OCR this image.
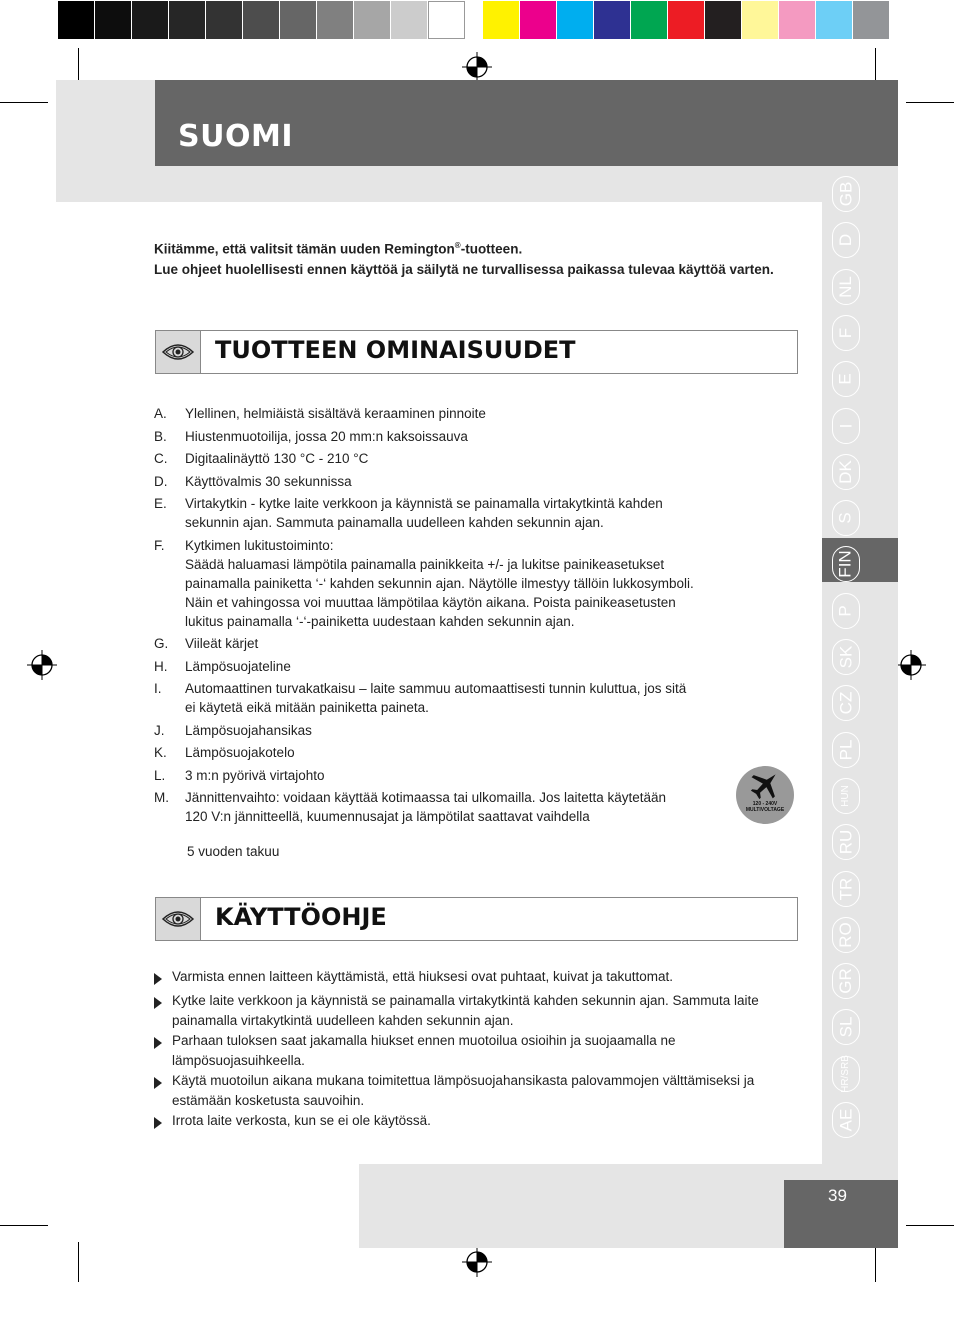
SUOMI
GB
D
NL
F
E
I
DK
S
FIN
P
SK
CZ
PL
HUN
RU
TR
RO
GR
SL
HR/SRB
AE
39
Kiitämme, että valitsit tämän uuden Remington®-tuotteen.
Lue ohjeet huolellisesti ennen käyttöä ja säilytä ne turvallisessa paikassa tulevaa käyttöä varten.
TUOTTEEN OMINAISUUDET
A.	Ylellinen, helmiäistä sisältävä keraaminen pinnoite
B.	Hiustenmuotoilija, jossa 20 mm:n kaksoissauva
C.	Digitaalinäyttö 130 °C - 210 °C
D.	Käyttövalmis 30 sekunnissa
E.	Virtakytkin - kytke laite verkkoon ja käynnistä se painamalla virtakytkintä kahden
sekunnin ajan. Sammuta painamalla uudelleen kahden sekunnin ajan.
F.	Kytkimen lukitustoiminto:
Säädä haluamasi lämpötila painamalla painikkeita +/- ja lukitse painikeasetukset
painamalla painiketta ‘-‘ kahden sekunnin ajan. Näytölle ilmestyy tällöin lukkosymboli.
Näin et vahingossa voi muuttaa lämpötilaa käytön aikana. Poista painikeasetusten
lukitus painamalla ‘-‘-painiketta uudestaan kahden sekunnin ajan.
G.	Viileät kärjet
H.	Lämpösuojateline
I.	Automaattinen turvakatkaisu – laite sammuu automaattisesti tunnin kuluttua, jos sitä
ei käytetä eikä mitään painiketta paineta.
J.	Lämpösuojahansikas
K.	Lämpösuojakotelo
L.	3 m:n pyörivä virtajohto
M.	Jännittenvaihto: voidaan käyttää kotimaassa tai ulkomailla. Jos laitetta käytetään
120 V:n jännitteellä, kuumennusajat ja lämpötilat saattavat vaihdella
120 - 240V
MULTIVOLTAGE
5 vuoden takuu
KÄYTTÖOHJE
Varmista ennen laitteen käyttämistä, että hiuksesi ovat puhtaat, kuivat ja takuttomat.
Kytke laite verkkoon ja käynnistä se painamalla virtakytkintä kahden sekunnin ajan. Sammuta laite painamalla virtakytkintä uudelleen kahden sekunnin ajan.
Parhaan tuloksen saat jakamalla hiukset ennen muotoilua osioihin ja suojaamalla ne lämpösuojasuihkeella.
Käytä muotoilun aikana mukana toimitettua lämpösuojahansikasta palovammojen välttämiseksi ja estämään kosketusta sauvoihin.
Irrota laite verkosta, kun se ei ole käytössä.
